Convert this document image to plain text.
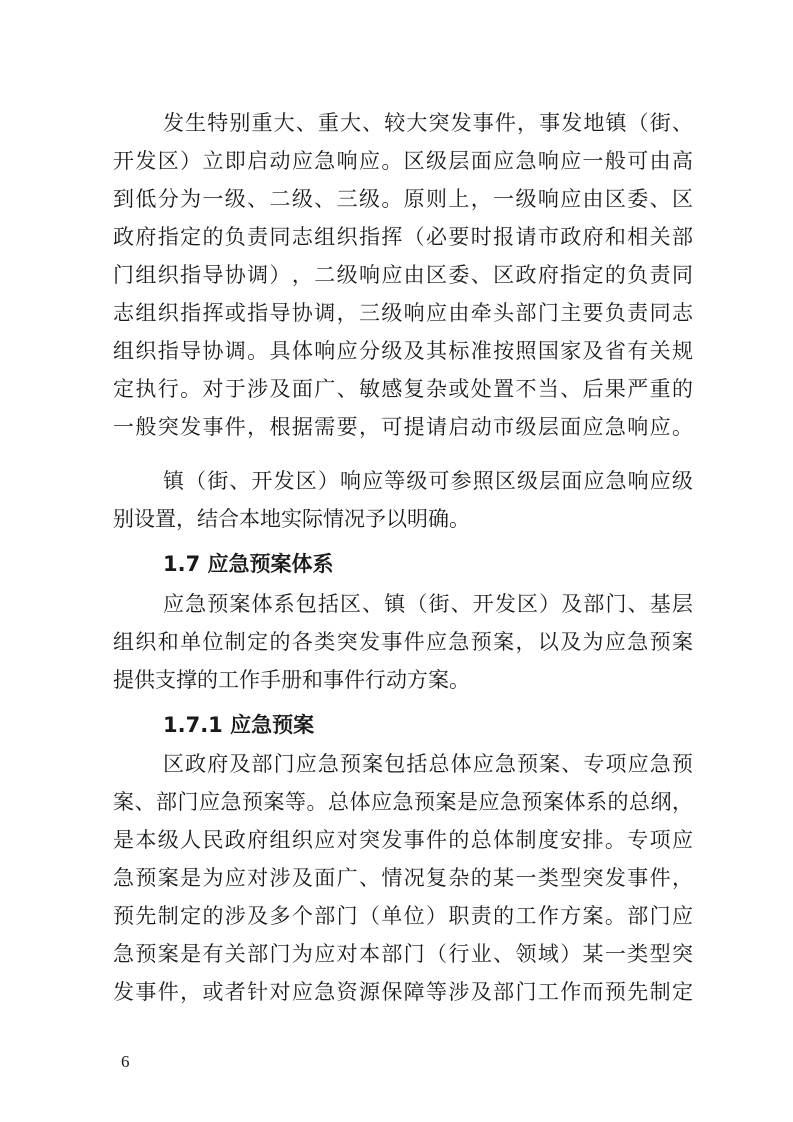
发 生 特 别 重 大 、 重 大 、 较 大 突 发 事 件 ， 事 发 地 镇 （ 街 、
开 发 区 ） 立 即 启 动 应 急 响 应 。 区 级 层 面 应 急 响 应 一 般 可 由 高
到 低 分 为 一 级 、 二 级 、 三 级 。 原 则 上 ， 一 级 响 应 由 区 委 、 区
政 府 指 定 的 负 责 同 志 组 织 指 挥 （ 必 要 时 报 请 市 政 府 和 相 关 部
门 组 织 指 导 协 调 ） ， 二 级 响 应 由 区 委 、 区 政 府 指 定 的 负 责 同
志 组 织 指 挥 或 指 导 协 调 ， 三 级 响 应 由 牵 头 部 门 主 要 负 责 同 志
组 织 指 导 协 调 。 具 体 响 应 分 级 及 其 标 准 按 照 国 家 及 省 有 关 规
定 执 行 。 对 于 涉 及 面 广 、 敏 感 复 杂 或 处 置 不 当 、 后 果 严 重 的
一 般 突 发 事 件 ， 根 据 需 要 ， 可 提 请 启 动 市 级 层 面 应 急 响 应 。
镇 （ 街 、 开 发 区 ） 响 应 等 级 可 参 照 区 级 层 面 应 急 响 应 级
别设置，结合本地实际情况予以明确。
1.7 应急预案体系
应 急 预 案 体 系 包 括 区 、 镇 （ 街 、 开 发 区 ） 及 部 门 、 基 层
组 织 和 单 位 制 定 的 各 类 突 发 事 件 应 急 预 案 ， 以 及 为 应 急 预 案
提供支撑的工作手册和事件行动方案。
1.7.1 应急预案
区 政 府 及 部 门 应 急 预 案 包 括 总 体 应 急 预 案 、 专 项 应 急 预
案 、 部 门 应 急 预 案 等 。 总 体 应 急 预 案 是 应 急 预 案 体 系 的 总 纲 ，
是 本 级 人 民 政 府 组 织 应 对 突 发 事 件 的 总 体 制 度 安 排 。 专 项 应
急 预 案 是 为 应 对 涉 及 面 广 、 情 况 复 杂 的 某 一 类 型 突 发 事 件 ，
预 先 制 定 的 涉 及 多 个 部 门 （ 单 位 ） 职 责 的 工 作 方 案 。 部 门 应
急 预 案 是 有 关 部 门 为 应 对 本 部 门 （ 行 业 、 领 域 ） 某 一 类 型 突
发 事 件 ， 或 者 针 对 应 急 资 源 保 障 等 涉 及 部 门 工 作 而 预 先 制 定
6
